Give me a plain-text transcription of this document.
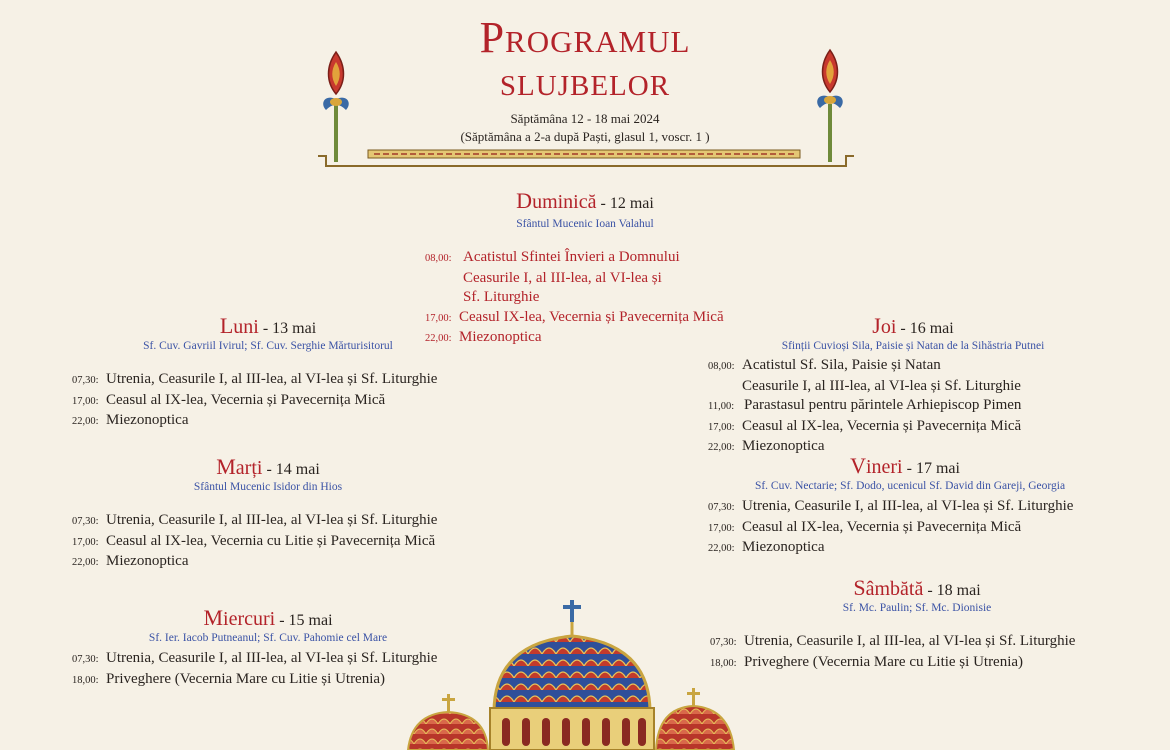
Programul
slujbelor
Săptămâna 12 - 18 mai 2024
(Săptămâna a 2-a după Paști, glasul 1, voscr. 1 )
Duminică - 12 mai
Sfântul Mucenic Ioan Valahul
08,00: Acatistul Sfintei Învieri a Domnului
Ceasurile I, al III-lea, al VI-lea și
Sf. Liturghie
17,00: Ceasul IX-lea, Vecernia și Pavecernița Mică
22,00: Miezonoptica
Luni - 13 mai
Sf. Cuv. Gavriil Ivirul; Sf. Cuv. Serghie Mărturisitorul
07,30: Utrenia, Ceasurile I, al III-lea, al VI-lea și Sf. Liturghie
17,00: Ceasul al IX-lea, Vecernia și Pavecernița Mică
22,00: Miezonoptica
Marți - 14 mai
Sfântul Mucenic Isidor din Hios
07,30: Utrenia, Ceasurile I, al III-lea, al VI-lea și Sf. Liturghie
17,00: Ceasul al IX-lea, Vecernia cu Litie și Pavecernița Mică
22,00: Miezonoptica
Miercuri - 15 mai
Sf. Ier. Iacob Putneanul; Sf. Cuv. Pahomie cel Mare
07,30: Utrenia, Ceasurile I, al III-lea, al VI-lea și Sf. Liturghie
18,00: Priveghere (Vecernia Mare cu Litie și Utrenia)
Joi - 16 mai
Sfinții Cuvioși Sila, Paisie și Natan de la Sihăstria Putnei
08,00: Acatistul Sf. Sila, Paisie și Natan
Ceasurile I, al III-lea, al VI-lea și Sf. Liturghie
11,00: Parastasul pentru părintele Arhiepiscop Pimen
17,00: Ceasul al IX-lea, Vecernia și Pavecernița Mică
22,00: Miezonoptica
Vineri - 17 mai
Sf. Cuv. Nectarie; Sf. Dodo, ucenicul Sf. David din Gareji, Georgia
07,30: Utrenia, Ceasurile I, al III-lea, al VI-lea și Sf. Liturghie
17,00: Ceasul al IX-lea, Vecernia și Pavecernița Mică
22,00: Miezonoptica
Sâmbătă - 18 mai
Sf. Mc. Paulin; Sf. Mc. Dionisie
07,30: Utrenia, Ceasurile I, al III-lea, al VI-lea și Sf. Liturghie
18,00: Priveghere (Vecernia Mare cu Litie și Utrenia)
